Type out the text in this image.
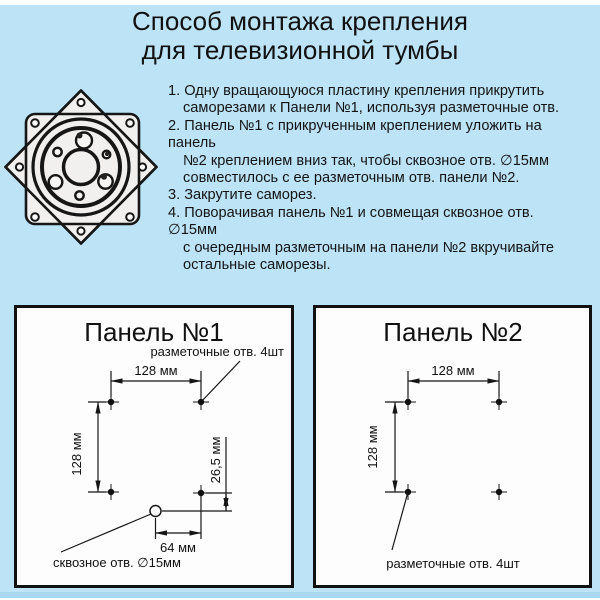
Способ монтажа крепления
для телевизионной тумбы
1. Одну вращающуюся пластину крепления прикрутить
саморезами к Панели №1, используя разметочные отв.
2. Панель №1 с прикрученным креплением уложить на
панель
№2 креплением вниз так, чтобы сквозное отв. ∅15мм
совместилось с ее разметочным отв. панели №2.
3. Закрутите саморез.
4. Поворачивая панель №1 и совмещая сквозное отв.
∅15мм
с очередным разметочным на панели №2 вкручивайте
остальные саморезы.
Панель №1
разметочные отв. 4шт
128 мм
128 мм	26,5 мм
64 мм
сквозное отв. ∅15мм
Панель №2
128 мм
128 мм
разметочные отв. 4шт
